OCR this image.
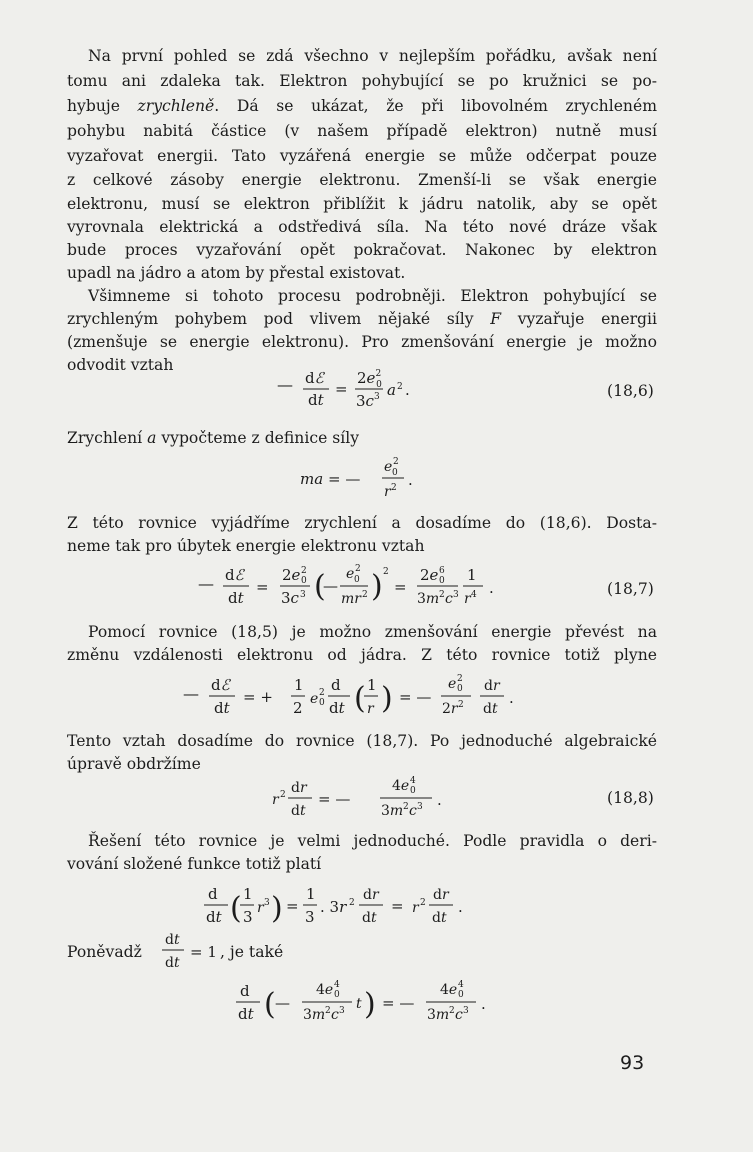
Na první pohled se zdá všechno v nejlepším pořádku, avšak není
tomu ani zdaleka tak. Elektron pohybující se po kružnici se po-
hybuje zrychleně. Dá se ukázat, že při libovolném zrychleném
pohybu nabitá částice (v našem případě elektron) nutně musí
vyzařovat energii. Tato vyzářená energie se může odčerpat pouze
z celkové zásoby energie elektronu. Zmenší-li se však energie
elektronu, musí se elektron přiblížit k jádru natolik, aby se opět
vyrovnala elektrická a odstředivá síla. Na této nové dráze však
bude proces vyzařování opět pokračovat. Nakonec by elektron
upadl na jádro a atom by přestal existovat.
Všimneme si tohoto procesu podrobněji. Elektron pohybující se
zrychleným pohybem pod vlivem nějaké síly F vyzařuje energii
(zmenšuje se energie elektronu). Pro zmenšování energie je možno
odvodit vztah
— dℰ
dt
=
$2e^2$ 0
$3c^3$ a 2 .	(18,6)
Zrychlení a vypočteme z definice síly
ma = —
e 2
0
r 2 .
Z této rovnice vyjádříme zrychlení a dosadíme do (18,6). Dosta-
neme tak pro úbytek energie elektronu vztah
— dℰ
dt
=
2e 2
0
3c 3 (
—
e 2
0
mr 2 ) 2
=
2e 6
0
3m 2 c 3
1
r 4 .	(18,7)
Pomocí rovnice (18,5) je možno zmenšování energie převést na
změnu vzdálenosti elektronu od jádra. Z této rovnice totiž plyne
— dℰ
dt
= +
1
2 e 2
0
d
dt ( 1
r ) = —
e 2
0
2r 2
dr
dt
.
Tento vztah dosadíme do rovnice (18,7). Po jednoduché algebraické
úpravě obdržíme
r 2 dr
dt
= —
4e 4
0
3m 2 c 3 .	(18,8)
Řešení této rovnice je velmi jednoduché. Podle pravidla o deri-
vování složené funkce totiž platí
d
dt ( 1
3 r 3 ) =
1
3
. 3r 2 dr
dt
= r 2 dr
dt
.
Poněvadž
dt
dt
= 1 , je také
d
dt ( —
4e 4
0
3m 2 c 3 t ) = —
4e 4
0
3m 2 c 3 .
93
